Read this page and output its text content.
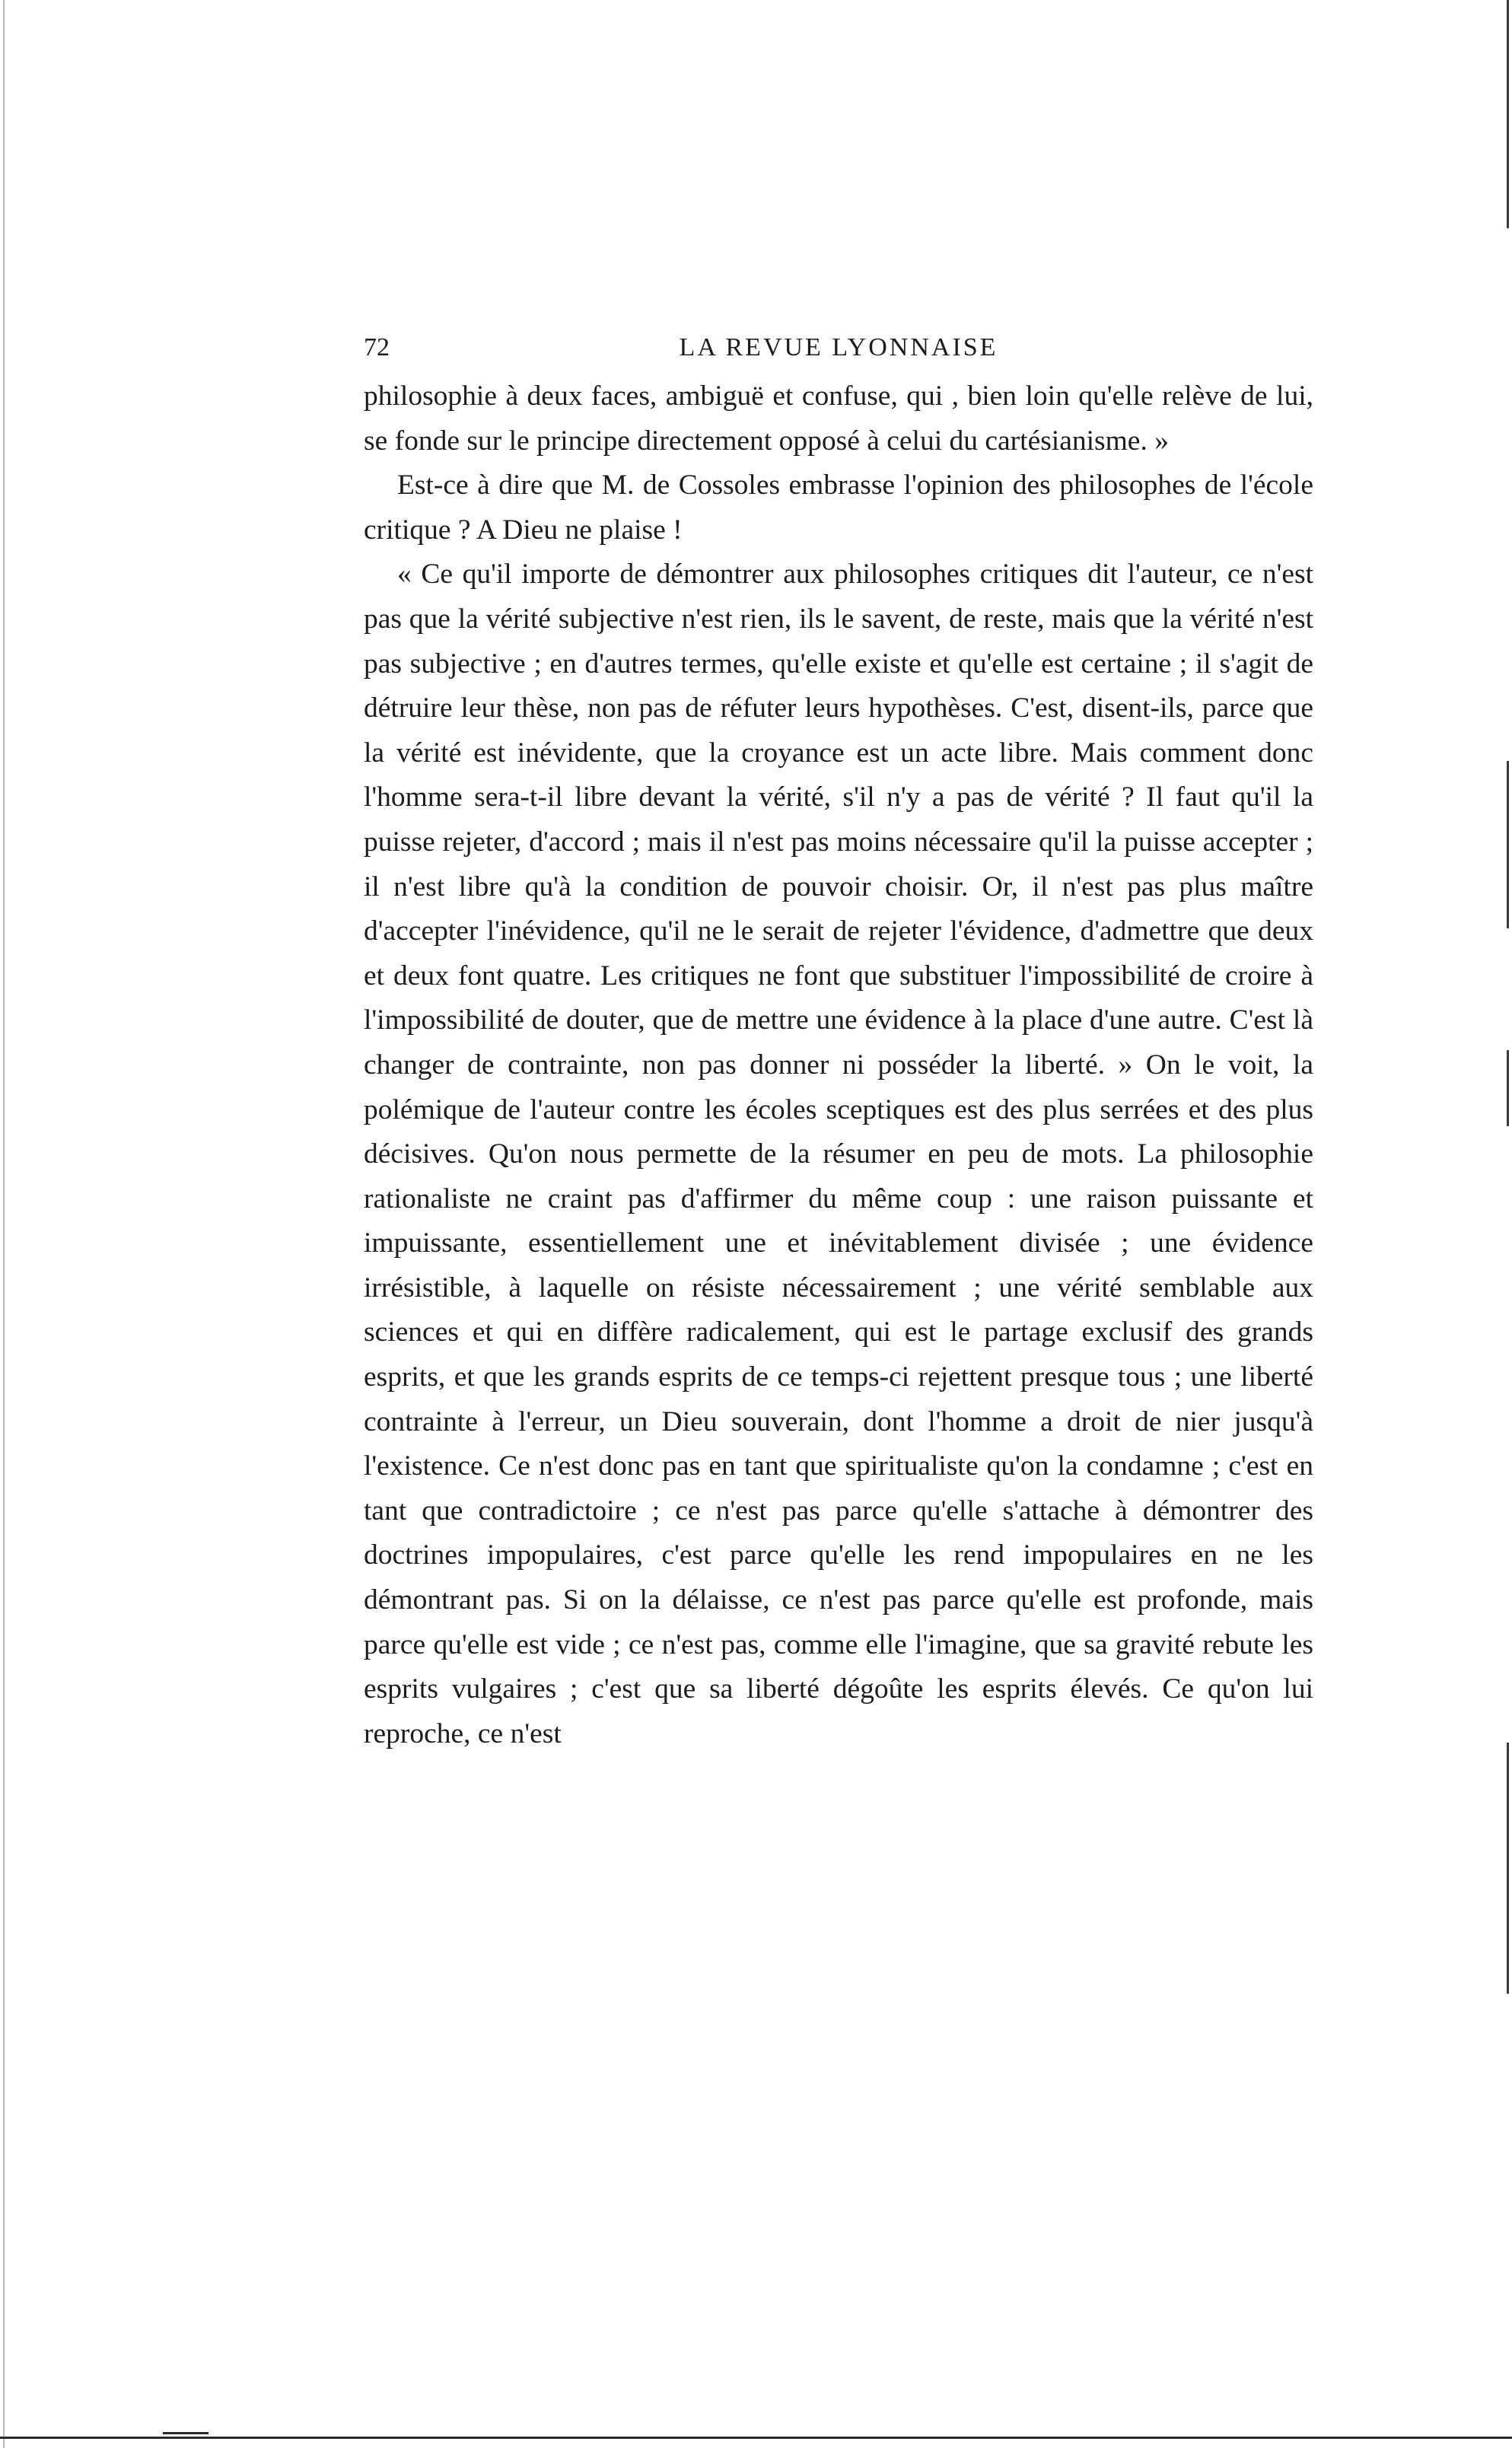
72	LA REVUE LYONNAISE

philosophie à deux faces, ambiguë et confuse, qui , bien loin qu'elle relève de lui, se fonde sur le principe directement opposé à celui du cartésianisme. »

Est-ce à dire que M. de Cossoles embrasse l'opinion des philosophes de l'école critique ? A Dieu ne plaise !

« Ce qu'il importe de démontrer aux philosophes critiques dit l'auteur, ce n'est pas que la vérité subjective n'est rien, ils le savent, de reste, mais que la vérité n'est pas subjective ; en d'autres termes, qu'elle existe et qu'elle est certaine ; il s'agit de détruire leur thèse, non pas de réfuter leurs hypothèses. C'est, disent-ils, parce que la vérité est inévidente, que la croyance est un acte libre. Mais comment donc l'homme sera-t-il libre devant la vérité, s'il n'y a pas de vérité ? Il faut qu'il la puisse rejeter, d'accord ; mais il n'est pas moins nécessaire qu'il la puisse accepter ; il n'est libre qu'à la condition de pouvoir choisir. Or, il n'est pas plus maître d'accepter l'inévidence, qu'il ne le serait de rejeter l'évidence, d'admettre que deux et deux font quatre. Les critiques ne font que substituer l'impossibilité de croire à l'impossibilité de douter, que de mettre une évidence à la place d'une autre. C'est là changer de contrainte, non pas donner ni posséder la liberté. » On le voit, la polémique de l'auteur contre les écoles sceptiques est des plus serrées et des plus décisives. Qu'on nous permette de la résumer en peu de mots. La philosophie rationaliste ne craint pas d'affirmer du même coup : une raison puissante et impuissante, essentiellement une et inévitablement divisée ; une évidence irrésistible, à laquelle on résiste nécessairement ; une vérité semblable aux sciences et qui en diffère radicalement, qui est le partage exclusif des grands esprits, et que les grands esprits de ce temps-ci rejettent presque tous ; une liberté contrainte à l'erreur, un Dieu souverain, dont l'homme a droit de nier jusqu'à l'existence. Ce n'est donc pas en tant que spiritualiste qu'on la condamne ; c'est en tant que contradictoire ; ce n'est pas parce qu'elle s'attache à démontrer des doctrines impopulaires, c'est parce qu'elle les rend impopulaires en ne les démontrant pas. Si on la délaisse, ce n'est pas parce qu'elle est profonde, mais parce qu'elle est vide ; ce n'est pas, comme elle l'imagine, que sa gravité rebute les esprits vulgaires ; c'est que sa liberté dégoûte les esprits élevés. Ce qu'on lui reproche, ce n'est
